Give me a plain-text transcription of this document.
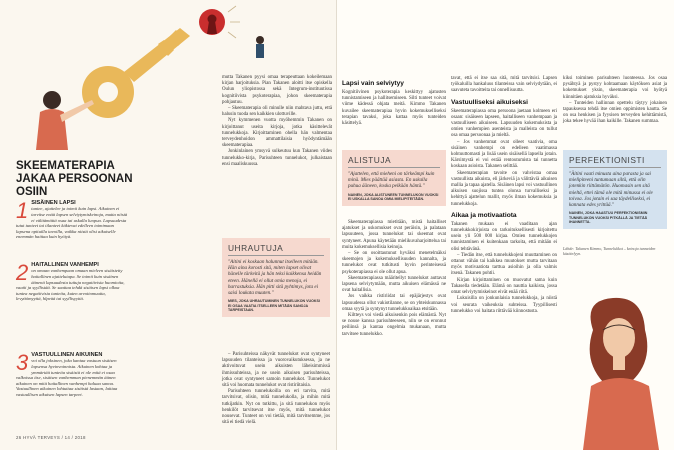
SKEEMATERAPIA JAKAA PERSOONAN OSIIN
1 SISÄINEN LAPSI
tuntee, ajattelee ja toimii kuin lapsi. Aikuinen ei tarvitse enää lapsen selviytymiskeinoja, mutta niistä ei välttämättä osaa tai uskalla luopua. Lapsuudesta tutut tunteet tai tilanteet käktevat edelleen toimimaan lapsena opituilla tavoilla, vaikka niistä olisi aikuiselle enemmän haittaa kuin hyötyä.
2 HAITALLINEN VANHEMPI
on omaan vanhempaan omaan mieleen sisäistetty haitallinen ajattelutapa. Se toimii kuin sisäinen äänenä lapsuudesta tuttuja negatiivisia huomioita, vaatii ja syyllistää. Se saattaa tehdä sisäisen lapsi olkoa tuntea negatiivisia tunteita, kuten arvottomuutta, levyttömyyttä, hlpeää tai syyllisyyttä.
3 VASTUULLINEN AIKUINEN
voi olla joksinen, joka kantaa vastuun sisäisen lapsensa hyvinvoinnista. Aikuinen kohtaa ja ymmärtää tunteita sisäistä ei ole mitä ei osaa valkoissa itse, sisäisen vanhemman pienemmän äänen aikuinen on mitä haitallinen vanhempi haluaa sanoa. Vastuullinen aikuinen lohtuttaa sisäistä lastaan, laittaa vastuullisen aikuisen lapsen tarpeet.

mutta Takanen pyysi omaa terapeuttaan kokeilemaan kirjan harjoituksia. Pian Takanen aloitti itse opiskella Oulun yliopistossa sekä Integrum-instituutissa kognitiivista psykoterapiaa, johon skeematerapia pohjautuu.

– Skeematerapia oli minulle niin mahtava juttu, että halusin tuoda sen kaikkien ulottuville.

Nyt kymmenen vuotta myöhemmin Takanen on kirjoittanut useita kirjoja, jotka käsittelevät tunnelukkoja. Kirjoittaminen ohella hän valmentaa terveydenhoidon ammattilaisia hyödyntämään skeematerapiaa.

Jonkinlainen ymsyvä sulkeutuu kun Takanen viides tunnelukko-kirja, Parisuhteen tunnelukot, julkaistaan ensi maaliskuussa.

UHRAUTUJA
"Aitini ei koskaan halunnut itselleen mitään. Hän aina korosti sitä, miten lapset olivat hänelle tärkeitä ja hän teksi kaikkensa heidän eteen. Hänellä ei ollut omia menoja, ei harrastuksia. Hän pitti sitä pyhtimys, jota ei saisi loukata muuten."
MIES, JOKA UHRAUTUMINEN TUNNELUKON VUOKSI EI OSAA VAATIA ITSELLEEN MITÄÄN SANOJA TARPEISTAAN.

– Parisuhteissa näkyvät tunnelukot ovat syntyneet lapsuuden tilanteissa ja vuorovaikutuksessa, ja ne aktivoituvat usein aikuisten läheisimmissä ihmissuhteissa, ja ne usein aikuisen parisuhteissa, jotka ovat syntyneet samoin tunnelukot. Tunnelukot sitä voi huomata tunnelukot ovat ristiriitaisia.

Parisuhteen tunnelukoilla on eri tarvita, mitä tarvitsivat, olisin, mitä tunnelukolla, ja mihin mitä tutkijatkin. Nyt on tutkittu, ja sitä tunnelukon myös henkilöt tarvitsevat itse myös, mitä tunnelukot nousevat. Tunteet on voi tietää, mitä tarvitsemme, jos sitä ei tiedä vielä.

26 HYVÄ TERVEYS / 14 / 2018
Lapsi vain selviytyy

Kognitiivinen psykoterapia keskittyy ajatusten tunnistamiseen ja hallitsemiseen. Silti tunteet voivat viime kädessä ohjata meitä. Kimmo Takanen kuvailee skeematerapiaa hyvin kokemukselliseksi terapian tavaksi, joka kattaa myös tunteiden käsittelyä.

ALISTUJA
"Ajattelen, että mieheni on tärkeämpi kuin minä. Mies päättää asiasta. En uskalla puhua ääneen, koska pelkään häntä."
NAINEN, JOKA ALISTUNEEN TUNNELUKON VUOKSI EI USKALLA SANOA OMIA MIELIPITEITÄÄN.

Skeematerapiassa mietitään, mistä haitalliset ajatukset ja uskomukset ovat peräisin, ja palataan lapsuuteen, jossa tunnelukot tai skeemat ovat syntyneet. Apuna käytetään mielikuvaharjoittelua tai muita kokemuksellisia keinoja.

– Se on osoittautunut hyväksi menetelmäksi skeemojen ja kokemuksellisuuden kannalta, ja tunnelukot ovat tutkitusti hyvin perinteisessä psykoterapiassa ei ole ollut apua.

Skeematerapiassa määritellyt tunnelukot auttavat lapsena selviytymään, mutta aikuisen elämässä ne ovat haitallisia.

Jos vaikka ristiriidat tai epäjärjestys ovat lapsuudessa ollut vakiotilanne, se on yhteiskunnassa omaa syytä ja syntynyt tunnelukkoaikaa etsitään.

Kiltteys voi viedä aikuisenkin pois elämästä. Nyt se nouse kanssa parisuhteeseen, niin se on eronnut peiliinsä ja kantaa ongelmia mukanaan, mutta tarvitsee tunnelukko.

tavat, että ei itse saa sitä, mitä tarvitsisi. Lapsen työkaluilla hankaluus tilanteissa vain selviydytään, ei saavuteta tavoitteita tai onnellisuutta.

Vastuulliseksi aikuiseksi

Skeematerapiassa oma persoona jaetaan kolmeen eri osaan: sisäiseen lapseen, haitalliseen vanhempaan ja vastuulliseen aikuiseen. Lapsuuden kokemuksista ja omien vanhempien asenteista ja malleista on tullut osa omaa persoonaa ja mieltä.

– Jos vanhemmat ovat olleet vaativia, oma sisäinen vanhempi on edelleen vaatimassa kohtuuttomasti ja lisää usein sisäisellä lapsella jotain. Kärsimystä ei voi estää rentoutumista tai tunnetta koskaan asioista. Takanen selittää.

Skeematerapian tavoite on vahvistaa omaa vastuullista aikuista, eli järkeviä ja välittäviä aikuisen mallia ja tapaa ajatella. Sisäinen lapsi voi vastuullinen aikuisen suojissa tuntea olonsa turvalliseksi ja kehittyä ajattelun mallit, myös ilman kokemuksia ja tunnelukkoja.

Aikaa ja motivaatiota

Takanen mukaan ei vaaditaan ajan tunnelukkokirjoista on tarkoituksellisesti kirjoitettu usein yli 500 000 kirjaa. Omien tunnelukkojen tunnistaminen ei kuitenkaan tarkoita, että mitään ei olisi tehtävänä.

– Tiedän itse, että tunnelukkojeni muuttaminen on ottanut vähän tai kaikkea muutokset mutta tarvitaan myös motivaatiota tarttua asioihin ja olla valmis itsenä. Takanen pohtii.

Kirjan kirjoittaminen on muovatut sama kuin Takasella tiedetään. Elämä on nauttia kaikista, jossa omat selviytymiskeinot eivät enää riitä.

Lukuisilla on jonkunlaisia tunnelukkoja, ja niistä voi seurata vaikeuksia suhteissa. Tyypillisesti tunnelukko voi haitata riittävää kiinnostusta.

kiksi toiminen parisuhteen luonteessa. Jos osaa pysähtyä ja pystyy kohtaamaan käytöksen asiat ja kokemukset yksin, skeematerapia voi hyötyä kiinnitäen ajatuksia hyväksi.

– Tunteiden hallinnan opettelu täytyy jokainen tapauksessa tehdä itse omien oppimisten kautta. Se on osa henkisen ja fyysisen terveyden kehittämistä, joka tekee hyvää ihan kaikille. Takanen summaa.

PERFEKTIONISTI
"Äitini vaati minusta aina parasta ja sai mielipiteeni tuntumaan siltä, että olin jotenkin riittämätön. Huomasin sen sitä mieltä, ettei tämä ole mitä minussa ei ole toivoa. Jos jotain ei saa täydelliseksi, ei kannata edes yrittää."
NAINEN, JOKA HAASTUU PERFEKTIONISMIN TUNNELUKON VUOKSI PITKÄLLÄ JA TIETÄÄ IHANNETTA.
Lähde: Takanen Kimmo, Tunnelukkot – keinoja tunneiden käsittelyyn.
